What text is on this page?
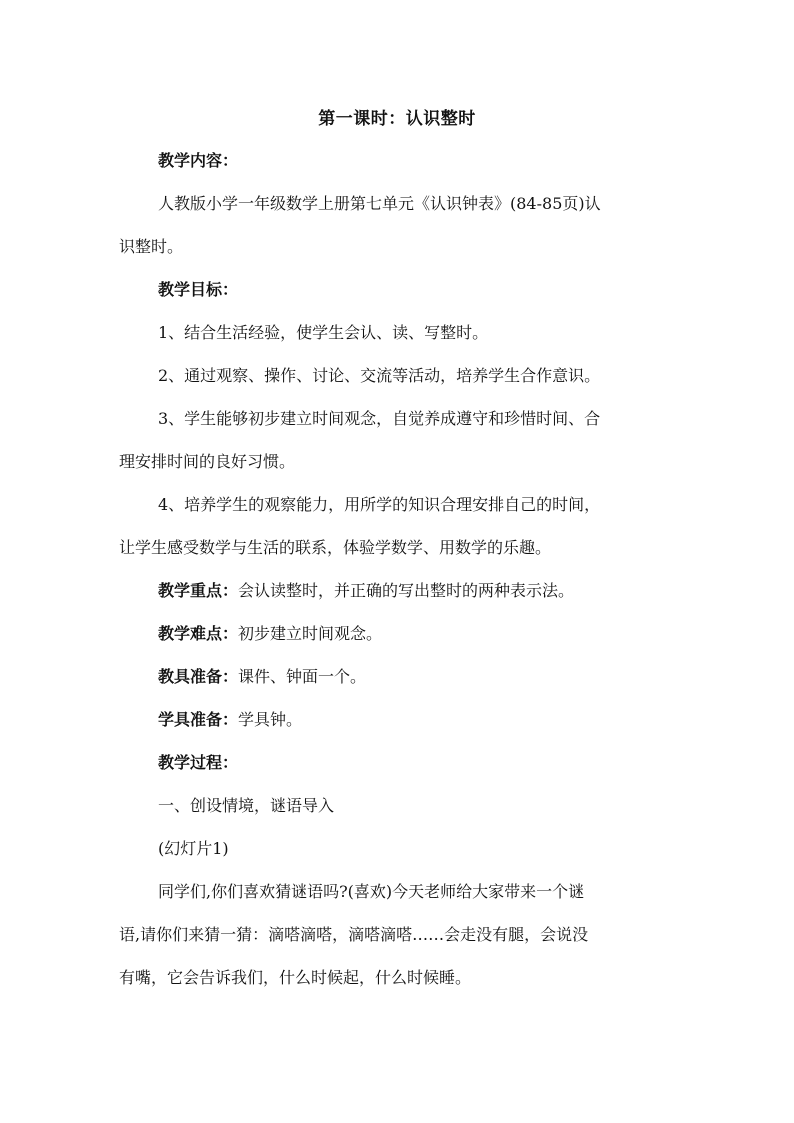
第一课时：认识整时
教学内容：
人教版小学一年级数学上册第七单元《认识钟表》(84-85页)认
识整时。
教学目标：
1、结合生活经验，使学生会认、读、写整时。
2、通过观察、操作、讨论、交流等活动，培养学生合作意识。
3、学生能够初步建立时间观念，自觉养成遵守和珍惜时间、合
理安排时间的良好习惯。
4、培养学生的观察能力，用所学的知识合理安排自己的时间，
让学生感受数学与生活的联系，体验学数学、用数学的乐趣。
教学重点：会认读整时，并正确的写出整时的两种表示法。
教学难点：初步建立时间观念。
教具准备：课件、钟面一个。
学具准备：学具钟。
教学过程：
一、创设情境，谜语导入
(幻灯片1)
同学们,你们喜欢猜谜语吗?(喜欢)今天老师给大家带来一个谜
语,请你们来猜一猜：滴嗒滴嗒，滴嗒滴嗒……会走没有腿，会说没
有嘴，它会告诉我们，什么时候起，什么时候睡。
